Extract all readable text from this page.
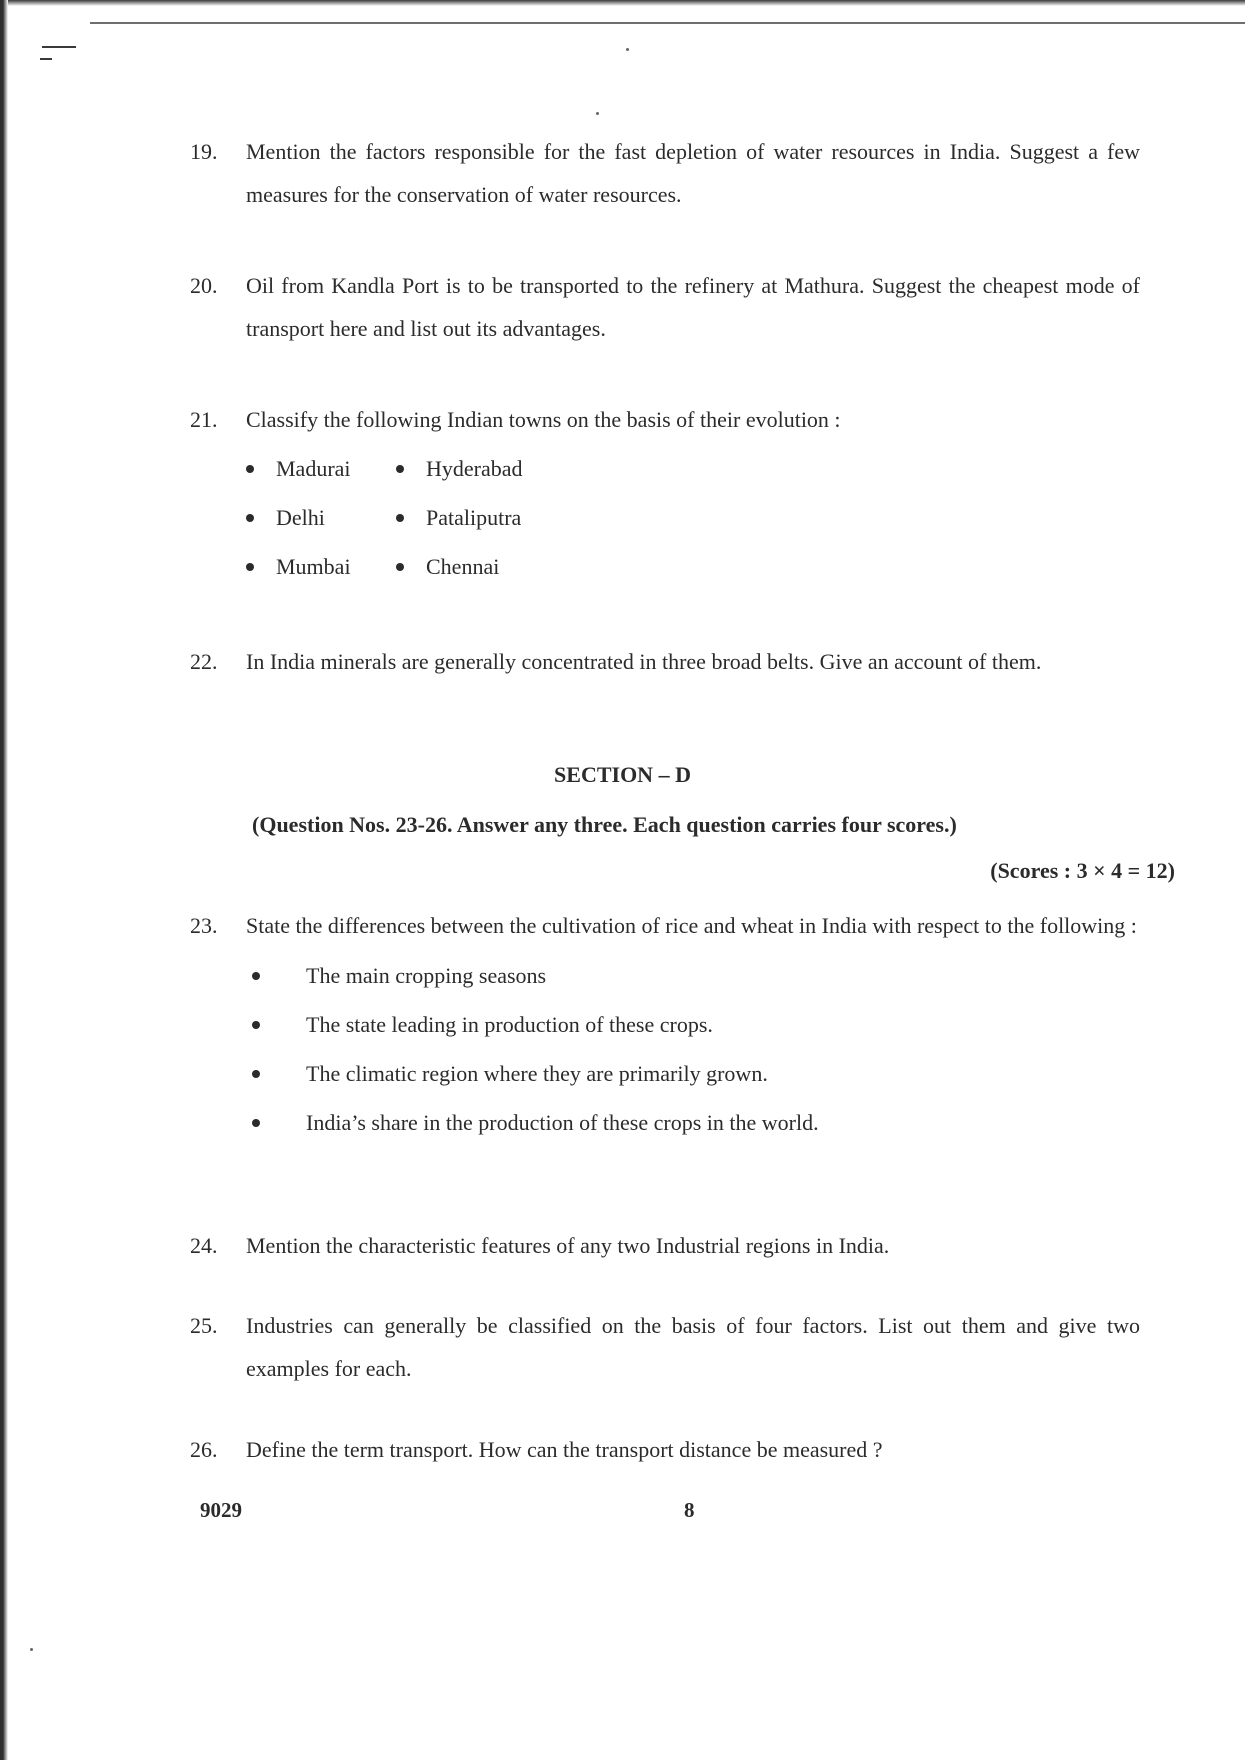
19. Mention the factors responsible for the fast depletion of water resources in India. Suggest a few measures for the conservation of water resources.
20. Oil from Kandla Port is to be transported to the refinery at Mathura. Suggest the cheapest mode of transport here and list out its advantages.
21. Classify the following Indian towns on the basis of their evolution :
Madurai	Hyderabad
Delhi	Pataliputra
Mumbai	Chennai
22. In India minerals are generally concentrated in three broad belts. Give an account of them.
SECTION – D
(Question Nos. 23-26. Answer any three. Each question carries four scores.)
(Scores : 3 × 4 = 12)
23. State the differences between the cultivation of rice and wheat in India with respect to the following :
The main cropping seasons
The state leading in production of these crops.
The climatic region where they are primarily grown.
India’s share in the production of these crops in the world.
24. Mention the characteristic features of any two Industrial regions in India.
25. Industries can generally be classified on the basis of four factors. List out them and give two examples for each.
26. Define the term transport. How can the transport distance be measured ?
9029	8
